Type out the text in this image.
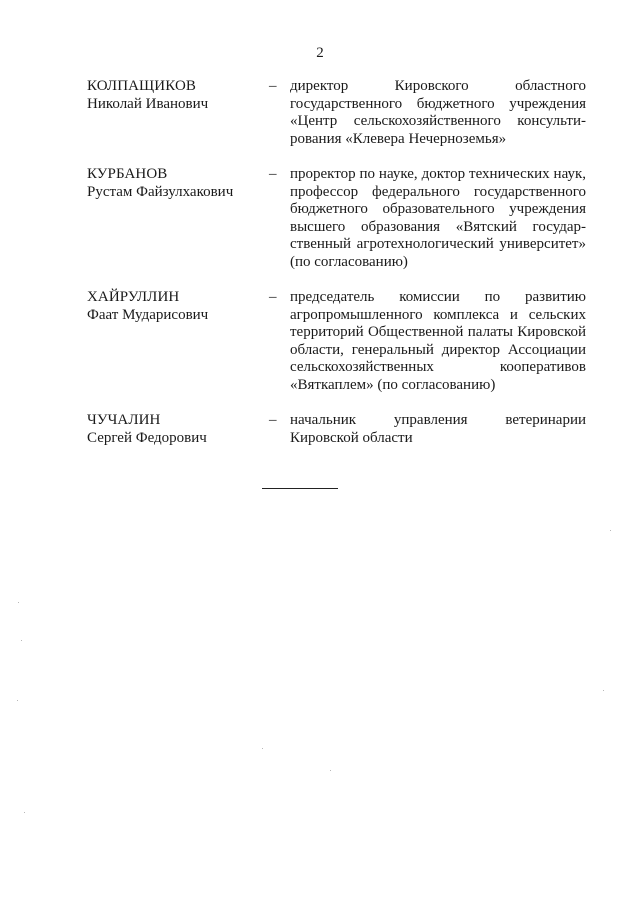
2
КОЛПАЩИКОВ
Николай Иванович
– директор Кировского областного
государственного бюджетного учреждения
«Центр сельскохозяйственного консульти-
рования «Клевера Нечерноземья»
КУРБАНОВ
Рустам Файзулхакович
– проректор по науке, доктор технических наук,
профессор федерального государственного
бюджетного образовательного учреждения
высшего образования «Вятский государ-
ственный агротехнологический университет»
(по согласованию)
ХАЙРУЛЛИН
Фаат Мударисович
– председатель комиссии по развитию
агропромышленного комплекса и сельских
территорий Общественной палаты Кировской
области, генеральный директор Ассоциации
сельскохозяйственных кооперативов
«Вяткаплем» (по согласованию)
ЧУЧАЛИН
Сергей Федорович
– начальник управления ветеринарии
Кировской области
